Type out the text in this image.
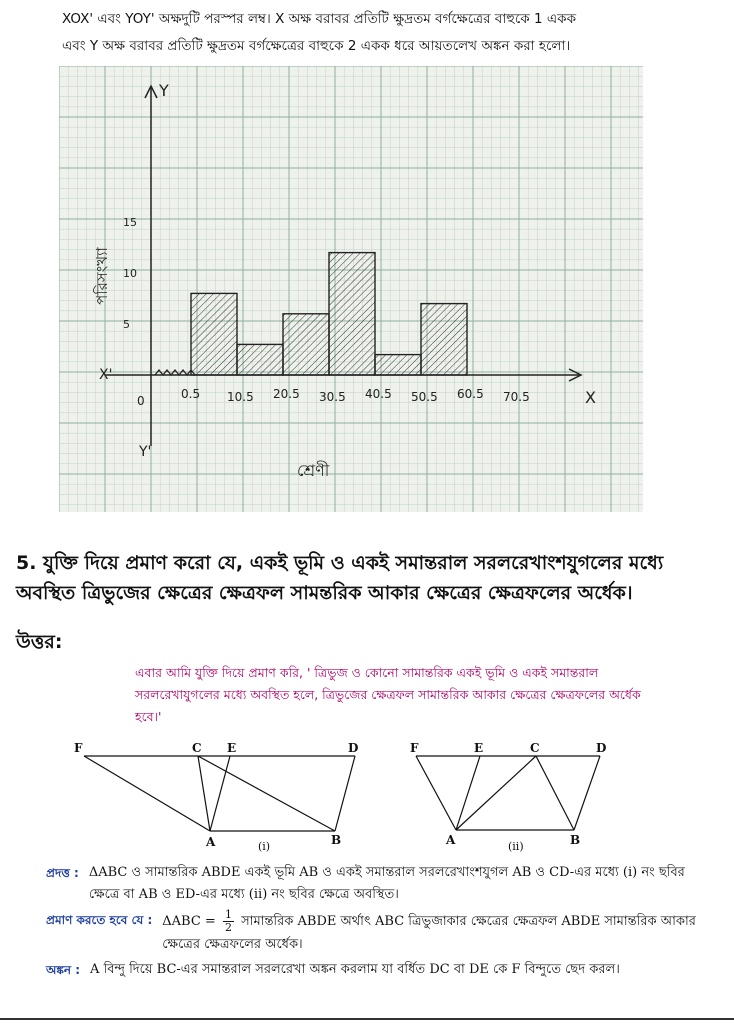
XOX' এবং YOY' অক্ষদুটি পরস্পর লম্ব। X অক্ষ বরাবর প্রতিটি ক্ষুদ্রতম বর্গক্ষেত্রের বাহুকে 1 একক
এবং Y অক্ষ বরাবর প্রতিটি ক্ষুদ্রতম বর্গক্ষেত্রের বাহুকে 2 একক ধরে আয়তলেখ অঙ্কন করা হলো।
0.5 10.5 20.5 30.5 40.5 50.5 60.5 70.5
5
10
15
X
X'
Y
Y'
0
শ্রেণী
পরিসংখ্যা
5. যুক্তি দিয়ে প্রমাণ করো যে, একই ভূমি ও একই সমান্তরাল সরলরেখাংশযুগলের মধ্যে অবস্থিত ত্রিভুজের ক্ষেত্রের ক্ষেত্রফল সামন্তরিক আকার ক্ষেত্রের ক্ষেত্রফলের অর্ধেক।
উত্তর:
এবার আমি যুক্তি দিয়ে প্রমাণ করি, ' ত্রিভুজ ও কোনো সামান্তরিক একই ভূমি ও একই সমান্তরাল সরলরেখাযুগলের মধ্যে অবস্থিত হলে, ত্রিভুজের ক্ষেত্রফল সামান্তরিক আকার ক্ষেত্রের ক্ষেত্রফলের অর্ধেক হবে।'
F	C E	D
A	B
(i)
F	E	C	D
A	B
(ii)
প্রদত্ত : ΔABC ও সামান্তরিক ABDE একই ভূমি AB ও একই সমান্তরাল সরলরেখাংশযুগল AB ও CD-এর মধ্যে (i) নং ছবির ক্ষেত্রে বা AB ও ED-এর মধ্যে (ii) নং ছবির ক্ষেত্রে অবস্থিত।
প্রমাণ করতে হবে যে : $\Delta ABC = \frac{1}{2}$ সামান্তরিক ABDE অর্থাৎ ABC ত্রিভুজাকার ক্ষেত্রের ক্ষেত্রফল ABDE সামান্তরিক আকার ক্ষেত্রের ক্ষেত্রফলের অর্ধেক।
অঙ্কন : A বিন্দু দিয়ে BC-এর সমান্তরাল সরলরেখা অঙ্কন করলাম যা বর্ধিত DC বা DE কে F বিন্দুতে ছেদ করল।
